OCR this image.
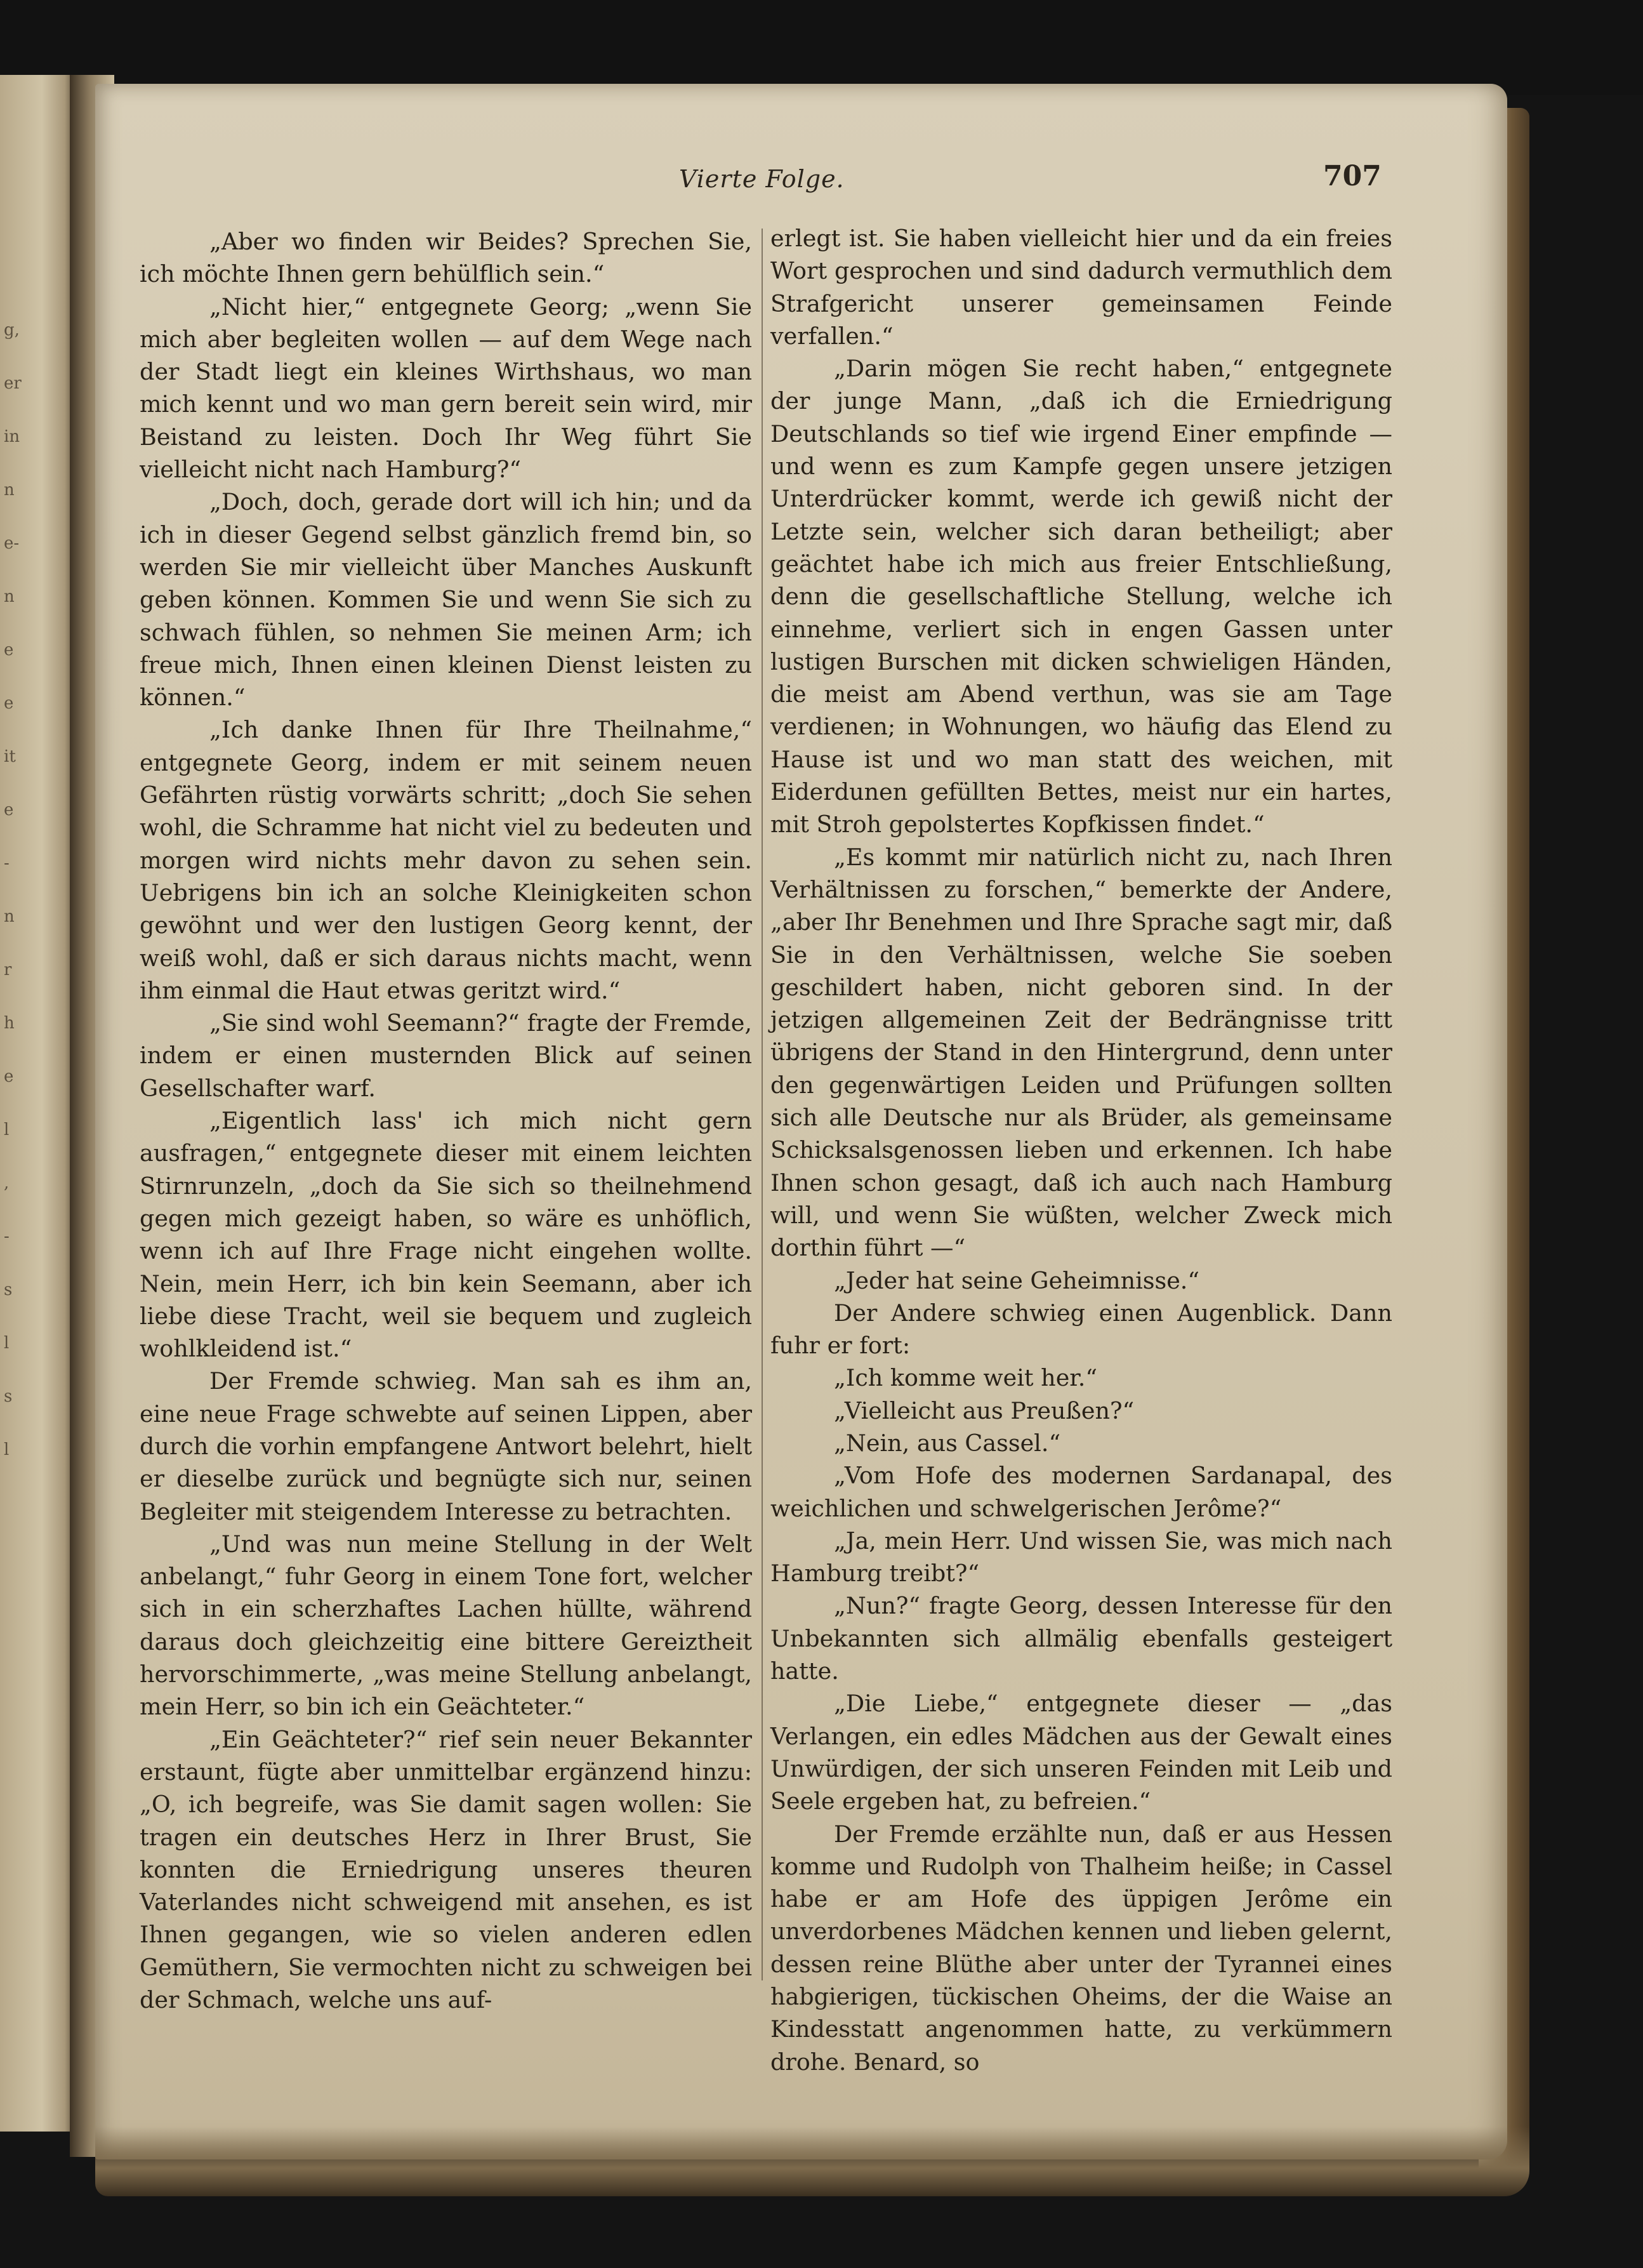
g,
er
in
n
e-
n
e
e
it
e
-
n
r
h
e
l
,
-
s
l
s
l
Vierte Folge.	707

„Aber wo finden wir Beides? Sprechen Sie, ich möchte Ihnen gern behülflich sein.“

„Nicht hier,“ entgegnete Georg; „wenn Sie mich aber begleiten wollen — auf dem Wege nach der Stadt liegt ein kleines Wirthshaus, wo man mich kennt und wo man gern bereit sein wird, mir Beistand zu leisten. Doch Ihr Weg führt Sie vielleicht nicht nach Hamburg?“

„Doch, doch, gerade dort will ich hin; und da ich in dieser Gegend selbst gänzlich fremd bin, so werden Sie mir vielleicht über Manches Auskunft geben können. Kommen Sie und wenn Sie sich zu schwach fühlen, so nehmen Sie meinen Arm; ich freue mich, Ihnen einen kleinen Dienst leisten zu können.“

„Ich danke Ihnen für Ihre Theilnahme,“ entgegnete Georg, indem er mit seinem neuen Gefährten rüstig vorwärts schritt; „doch Sie sehen wohl, die Schramme hat nicht viel zu bedeuten und morgen wird nichts mehr davon zu sehen sein. Uebrigens bin ich an solche Kleinigkeiten schon gewöhnt und wer den lustigen Georg kennt, der weiß wohl, daß er sich daraus nichts macht, wenn ihm einmal die Haut etwas geritzt wird.“

„Sie sind wohl Seemann?“ fragte der Fremde, indem er einen musternden Blick auf seinen Gesellschafter warf.

„Eigentlich lass' ich mich nicht gern ausfragen,“ entgegnete dieser mit einem leichten Stirnrunzeln, „doch da Sie sich so theilnehmend gegen mich gezeigt haben, so wäre es unhöflich, wenn ich auf Ihre Frage nicht eingehen wollte. Nein, mein Herr, ich bin kein Seemann, aber ich liebe diese Tracht, weil sie bequem und zugleich wohlkleidend ist.“

Der Fremde schwieg. Man sah es ihm an, eine neue Frage schwebte auf seinen Lippen, aber durch die vorhin empfangene Antwort belehrt, hielt er dieselbe zurück und begnügte sich nur, seinen Begleiter mit steigendem Interesse zu betrachten.

„Und was nun meine Stellung in der Welt anbelangt,“ fuhr Georg in einem Tone fort, welcher sich in ein scherzhaftes Lachen hüllte, während daraus doch gleichzeitig eine bittere Gereiztheit hervorschimmerte, „was meine Stellung anbelangt, mein Herr, so bin ich ein Geächteter.“

„Ein Geächteter?“ rief sein neuer Bekannter erstaunt, fügte aber unmittelbar ergänzend hinzu: „O, ich begreife, was Sie damit sagen wollen: Sie tragen ein deutsches Herz in Ihrer Brust, Sie konnten die Erniedrigung unseres theuren Vaterlandes nicht schweigend mit ansehen, es ist Ihnen gegangen, wie so vielen anderen edlen Gemüthern, Sie vermochten nicht zu schweigen bei der Schmach, welche uns auf-

erlegt ist. Sie haben vielleicht hier und da ein freies Wort gesprochen und sind dadurch vermuthlich dem Strafgericht unserer gemeinsamen Feinde verfallen.“

„Darin mögen Sie recht haben,“ entgegnete der junge Mann, „daß ich die Erniedrigung Deutschlands so tief wie irgend Einer empfinde — und wenn es zum Kampfe gegen unsere jetzigen Unterdrücker kommt, werde ich gewiß nicht der Letzte sein, welcher sich daran betheiligt; aber geächtet habe ich mich aus freier Entschließung, denn die gesellschaftliche Stellung, welche ich einnehme, verliert sich in engen Gassen unter lustigen Burschen mit dicken schwieligen Händen, die meist am Abend verthun, was sie am Tage verdienen; in Wohnungen, wo häufig das Elend zu Hause ist und wo man statt des weichen, mit Eiderdunen gefüllten Bettes, meist nur ein hartes, mit Stroh gepolstertes Kopfkissen findet.“

„Es kommt mir natürlich nicht zu, nach Ihren Verhältnissen zu forschen,“ bemerkte der Andere, „aber Ihr Benehmen und Ihre Sprache sagt mir, daß Sie in den Verhältnissen, welche Sie soeben geschildert haben, nicht geboren sind. In der jetzigen allgemeinen Zeit der Bedrängnisse tritt übrigens der Stand in den Hintergrund, denn unter den gegenwärtigen Leiden und Prüfungen sollten sich alle Deutsche nur als Brüder, als gemeinsame Schicksalsgenossen lieben und erkennen. Ich habe Ihnen schon gesagt, daß ich auch nach Hamburg will, und wenn Sie wüßten, welcher Zweck mich dorthin führt —“

„Jeder hat seine Geheimnisse.“

Der Andere schwieg einen Augenblick. Dann fuhr er fort:

„Ich komme weit her.“

„Vielleicht aus Preußen?“

„Nein, aus Cassel.“

„Vom Hofe des modernen Sardanapal, des weichlichen und schwelgerischen Jerôme?“

„Ja, mein Herr. Und wissen Sie, was mich nach Hamburg treibt?“

„Nun?“ fragte Georg, dessen Interesse für den Unbekannten sich allmälig ebenfalls gesteigert hatte.

„Die Liebe,“ entgegnete dieser — „das Verlangen, ein edles Mädchen aus der Gewalt eines Unwürdigen, der sich unseren Feinden mit Leib und Seele ergeben hat, zu befreien.“

Der Fremde erzählte nun, daß er aus Hessen komme und Rudolph von Thalheim heiße; in Cassel habe er am Hofe des üppigen Jerôme ein unverdorbenes Mädchen kennen und lieben gelernt, dessen reine Blüthe aber unter der Tyrannei eines habgierigen, tückischen Oheims, der die Waise an Kindesstatt angenommen hatte, zu verkümmern drohe. Benard, so
